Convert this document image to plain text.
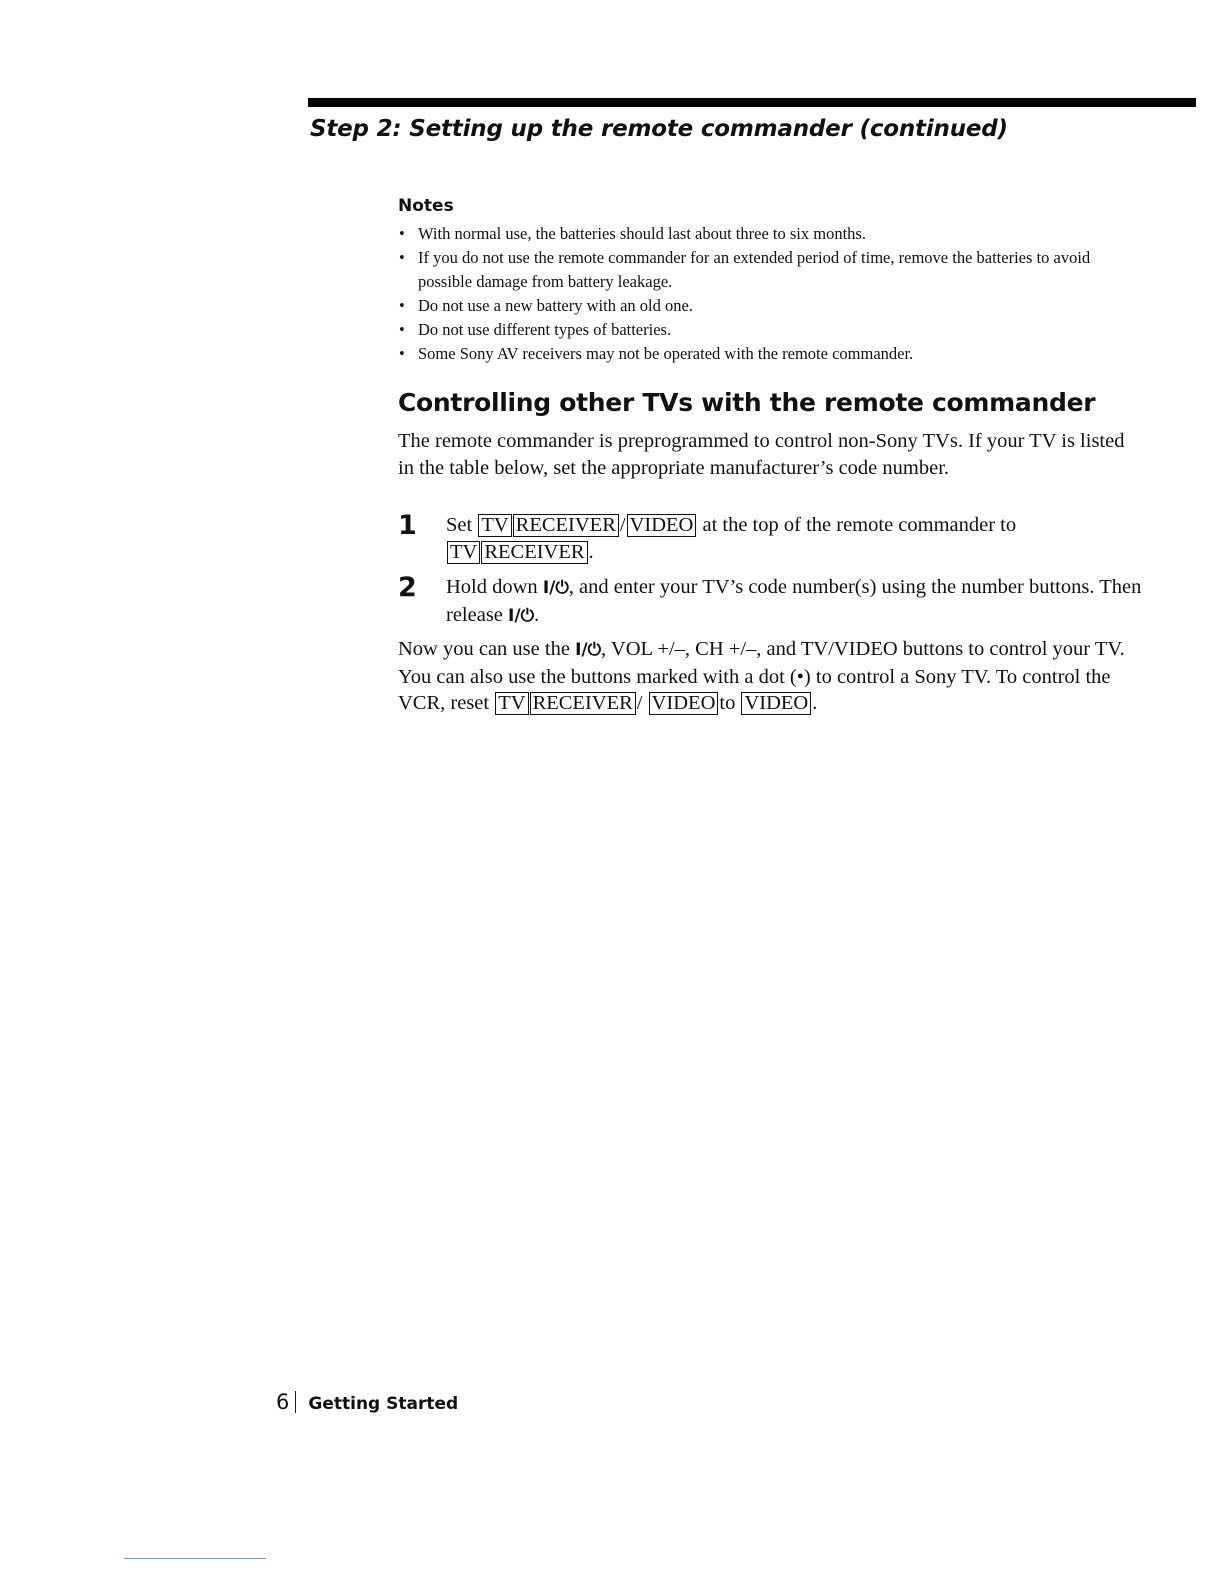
Step 2: Setting up the remote commander (continued)
Notes
• With normal use, the batteries should last about three to six months.
• If you do not use the remote commander for an extended period of time, remove the batteries to avoid possible damage from battery leakage.
• Do not use a new battery with an old one.
• Do not use different types of batteries.
• Some Sony AV receivers may not be operated with the remote commander.
Controlling other TVs with the remote commander

The remote commander is preprogrammed to control non-Sony TVs. If your TV is listed in the table below, set the appropriate manufacturer’s code number.

1 Set TV RECEIVER / VIDEO at the top of the remote commander to TV RECEIVER .
2 Hold down I/⏻, and enter your TV’s code number(s) using the number buttons. Then release I/⏻.
Now you can use the I/⏻, VOL +/–, CH +/–, and TV/VIDEO buttons to control your TV. You can also use the buttons marked with a dot (•) to control a Sony TV. To control the VCR, reset TV RECEIVER / VIDEO to VIDEO .
6 Getting Started
